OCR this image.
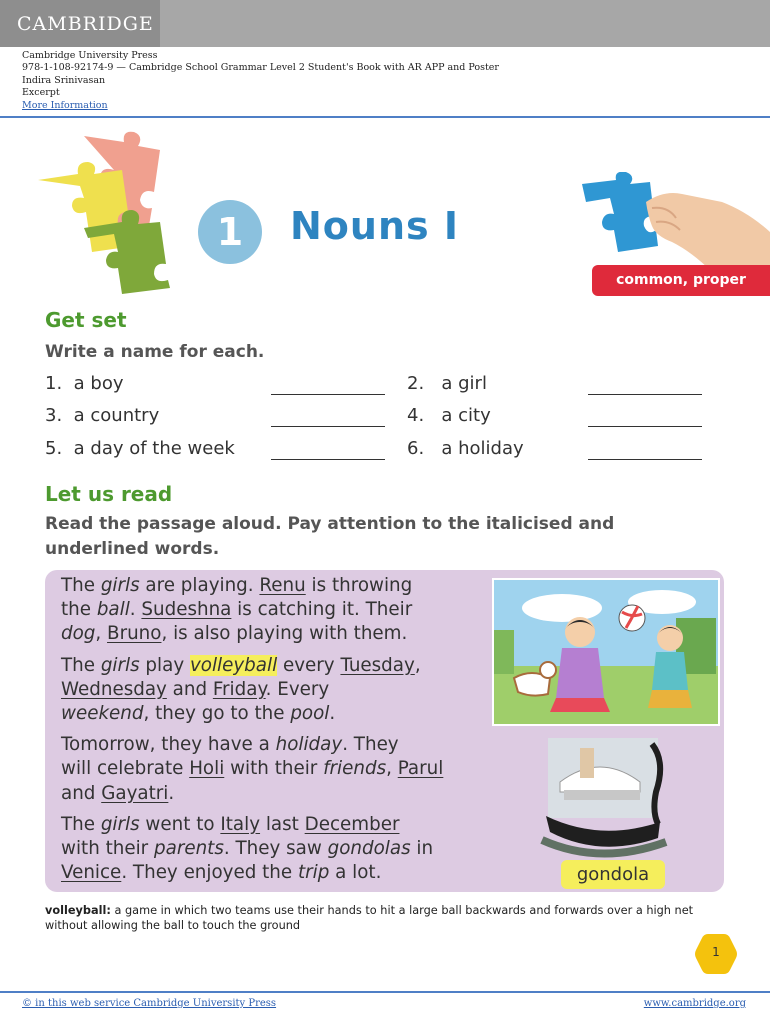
CAMBRIDGE
Cambridge University Press
978-1-108-92174-9 — Cambridge School Grammar Level 2 Student's Book with AR APP and Poster
Indira Srinivasan
Excerpt
More Information
1	Nouns I
common, proper
Get set
Write a name for each.
1. a boy	2. a girl
3. a country	4. a city
5. a day of the week	6. a holiday
Let us read
Read the passage aloud. Pay attention to the italicised and
underlined words.

The girls are playing. Renu is throwing
the ball. Sudeshna is catching it. Their
dog, Bruno, is also playing with them.

The girls play volleyball every Tuesday,
Wednesday and Friday. Every
weekend, they go to the pool.

Tomorrow, they have a holiday. They
will celebrate Holi with their friends, Parul
and Gayatri.

The girls went to Italy last December
with their parents. They saw gondolas in
Venice. They enjoyed the trip a lot.	gondola
volleyball: a game in which two teams use their hands to hit a large ball backwards and forwards over a high net without allowing the ball to touch the ground
1
© in this web service Cambridge University Press	www.cambridge.org
